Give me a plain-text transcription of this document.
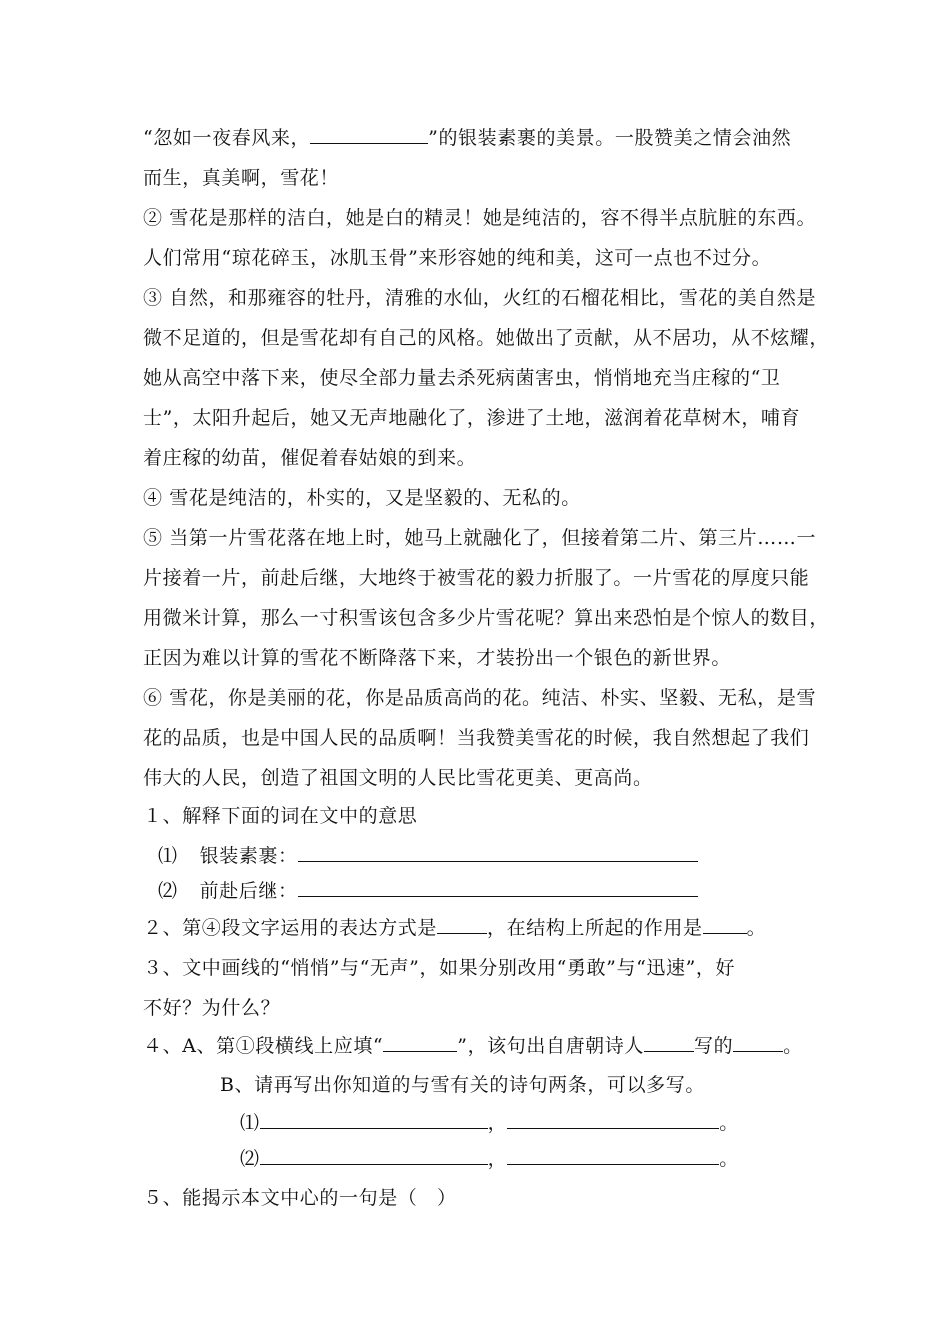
“忽如一夜春风来，	”的银装素裹的美景。一股赞美之情会油然
而生，真美啊，雪花！
② 雪花是那样的洁白，她是白的精灵！她是纯洁的，容不得半点肮脏的东西。
人们常用“琼花碎玉，冰肌玉骨”来形容她的纯和美，这可一点也不过分。
③ 自然，和那雍容的牡丹，清雅的水仙，火红的石榴花相比，雪花的美自然是
微不足道的，但是雪花却有自己的风格。她做出了贡献，从不居功，从不炫耀，
她从高空中落下来，使尽全部力量去杀死病菌害虫，悄悄地充当庄稼的“卫
士”，太阳升起后，她又无声地融化了，渗进了土地，滋润着花草树木，哺育
着庄稼的幼苗，催促着春姑娘的到来。
④ 雪花是纯洁的，朴实的，又是坚毅的、无私的。
⑤ 当第一片雪花落在地上时，她马上就融化了，但接着第二片、第三片……一
片接着一片，前赴后继，大地终于被雪花的毅力折服了。一片雪花的厚度只能
用微米计算，那么一寸积雪该包含多少片雪花呢？算出来恐怕是个惊人的数目，
正因为难以计算的雪花不断降落下来，才装扮出一个银色的新世界。
⑥ 雪花，你是美丽的花，你是品质高尚的花。纯洁、朴实、坚毅、无私，是雪
花的品质，也是中国人民的品质啊！当我赞美雪花的时候，我自然想起了我们
伟大的人民，创造了祖国文明的人民比雪花更美、更高尚。
１、解释下面的词在文中的意思
⑴ 银装素裹：
⑵ 前赴后继：
２、第④段文字运用的表达方式是	，在结构上所起的作用是 。
３、文中画线的“悄悄”与“无声”，如果分别改用“勇敢”与“迅速”，好
不好？为什么？
４、A、第①段横线上应填“	”，该句出自唐朝诗人	写的	。
B、请再写出你知道的与雪有关的诗句两条，可以多写。
⑴	，	。
⑵	，	。
５、能揭示本文中心的一句是（　）
